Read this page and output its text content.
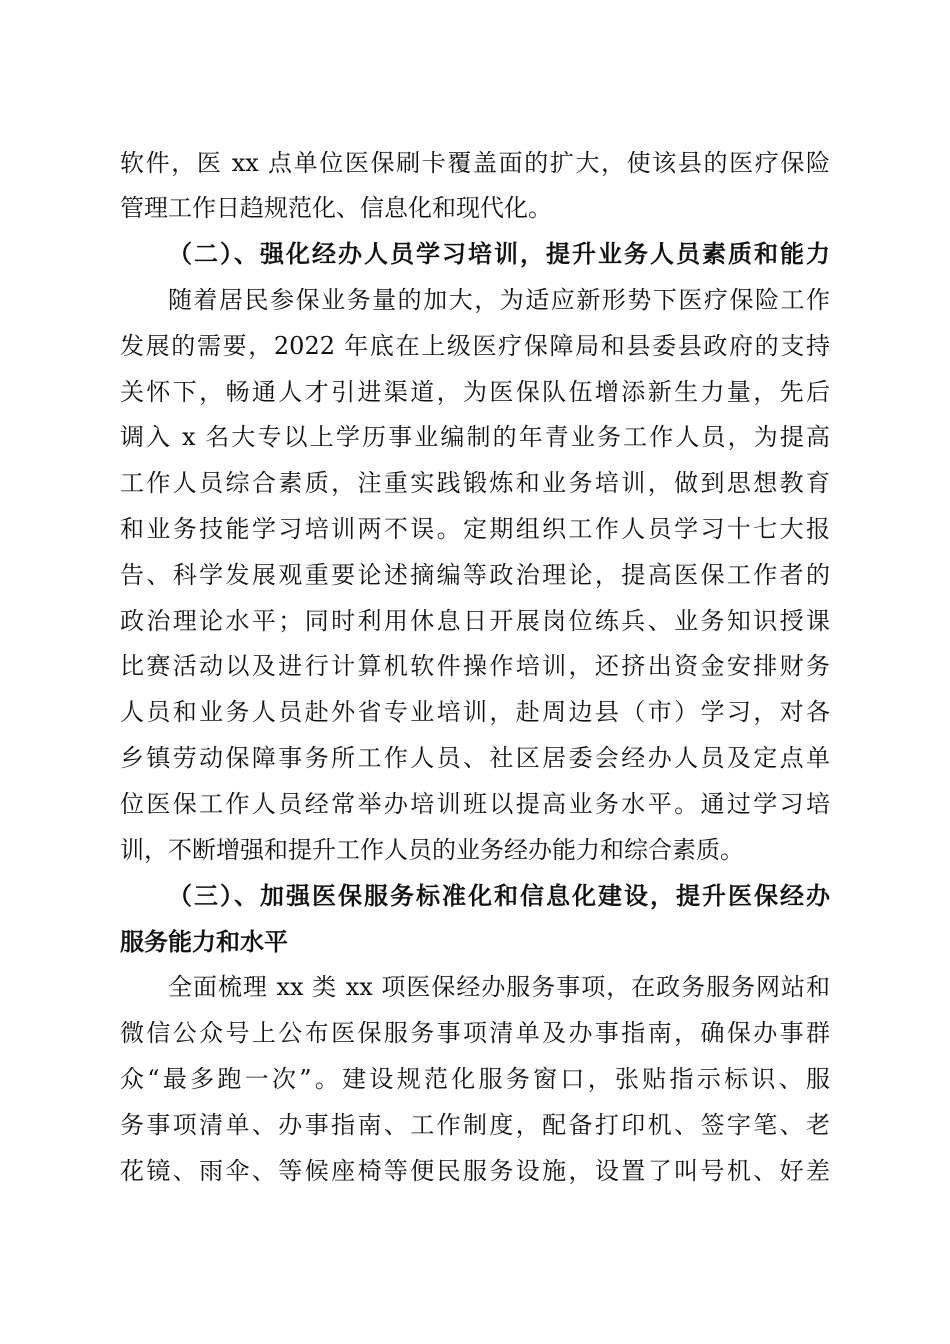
软件，医 xx 点单位医保刷卡覆盖面的扩大，使该县的医疗保险
管理工作日趋规范化、信息化和现代化。
（二）、强化经办人员学习培训，提升业务人员素质和能力
随着居民参保业务量的加大，为适应新形势下医疗保险工作
发展的需要，2022 年底在上级医疗保障局和县委县政府的支持
关怀下，畅通人才引进渠道，为医保队伍增添新生力量，先后
调入 x 名大专以上学历事业编制的年青业务工作人员，为提高
工作人员综合素质，注重实践锻炼和业务培训，做到思想教育
和业务技能学习培训两不误。定期组织工作人员学习十七大报
告、科学发展观重要论述摘编等政治理论，提高医保工作者的
政治理论水平；同时利用休息日开展岗位练兵、业务知识授课
比赛活动以及进行计算机软件操作培训，还挤出资金安排财务
人员和业务人员赴外省专业培训，赴周边县（市）学习，对各
乡镇劳动保障事务所工作人员、社区居委会经办人员及定点单
位医保工作人员经常举办培训班以提高业务水平。通过学习培
训，不断增强和提升工作人员的业务经办能力和综合素质。
（三）、加强医保服务标准化和信息化建设，提升医保经办
服务能力和水平
全面梳理 xx 类 xx 项医保经办服务事项，在政务服务网站和
微信公众号上公布医保服务事项清单及办事指南，确保办事群
众“最多跑一次”。建设规范化服务窗口，张贴指示标识、服
务事项清单、办事指南、工作制度，配备打印机、签字笔、老
花镜、雨伞、等候座椅等便民服务设施，设置了叫号机、好差
